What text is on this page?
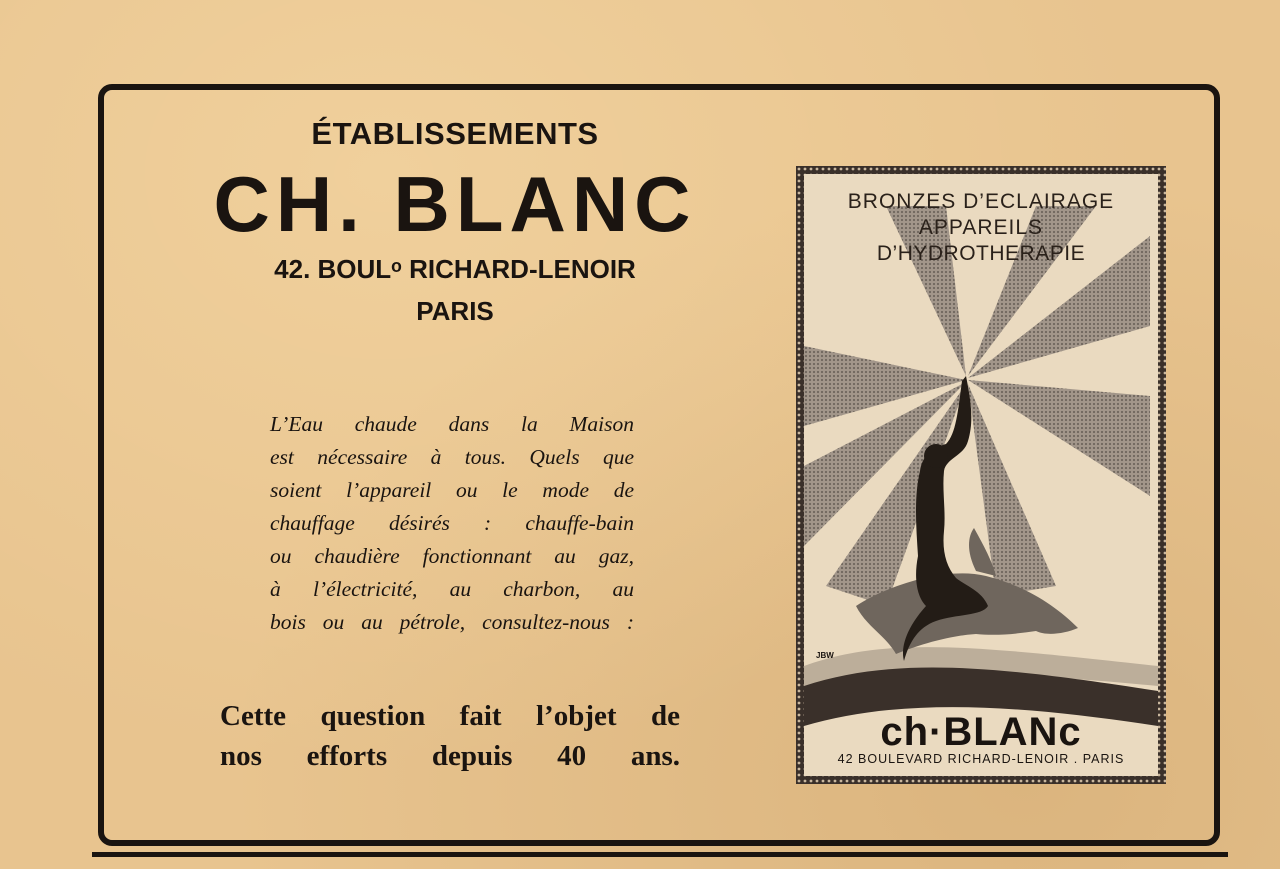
ÉTABLISSEMENTS
CH. BLANC
42. BOULᵒ RICHARD-LENOIR
PARIS
L’Eau chaude dans la Maison
est nécessaire à tous. Quels que
soient l’appareil ou le mode de
chauffage désirés : chauffe-bain
ou chaudière fonctionnant au gaz,
à l’électricité, au charbon, au
bois ou au pétrole, consultez-nous :
Cette question fait l’objet de
nos efforts depuis 40 ans.
BRONZES D’ECLAIRAGE
APPAREILS
D’HYDROTHERAPIE
JBW
ch·BLANc
42 BOULEVARD RICHARD-LENOIR . PARIS
